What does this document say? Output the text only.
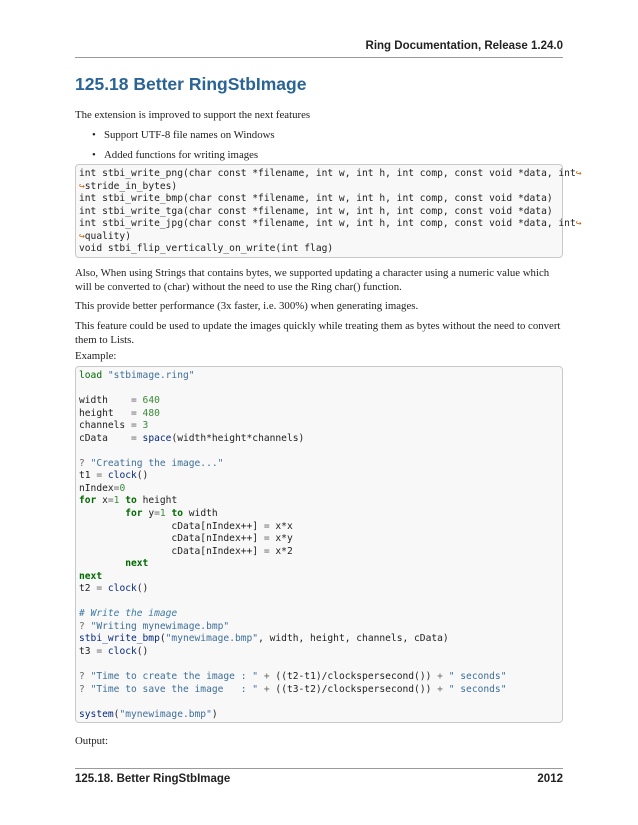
Ring Documentation, Release 1.24.0
125.18 Better RingStbImage

The extension is improved to support the next features

• Support UTF-8 file names on Windows
• Added functions for writing images
int stbi_write_png(char const *filename, int w, int h, int comp, const void *data, int↪
↪stride_in_bytes)
int stbi_write_bmp(char const *filename, int w, int h, int comp, const void *data)
int stbi_write_tga(char const *filename, int w, int h, int comp, const void *data)
int stbi_write_jpg(char const *filename, int w, int h, int comp, const void *data, int↪
↪quality)
void stbi_flip_vertically_on_write(int flag)

Also, When using Strings that contains bytes, we supported updating a character using a numeric value which will be converted to (char) without the need to use the Ring char() function.

This provide better performance (3x faster, i.e. 300%) when generating images.

This feature could be used to update the images quickly while treating them as bytes without the need to convert them to Lists.

Example:

load "stbimage.ring"

width    = 640
height   = 480
channels = 3
cData    = space(width*height*channels)

? "Creating the image..."
t1 = clock()
nIndex=0
for x=1 to height
for y=1 to width
cData[nIndex++] = x*x
cData[nIndex++] = x*y
cData[nIndex++] = x*2
next
next
t2 = clock()

# Write the image
? "Writing mynewimage.bmp"
stbi_write_bmp("mynewimage.bmp", width, height, channels, cData)
t3 = clock()

? "Time to create the image : " + ((t2-t1)/clockspersecond()) + " seconds"
? "Time to save the image   : " + ((t3-t2)/clockspersecond()) + " seconds"

system("mynewimage.bmp")

Output:

125.18. Better RingStbImage	2012
